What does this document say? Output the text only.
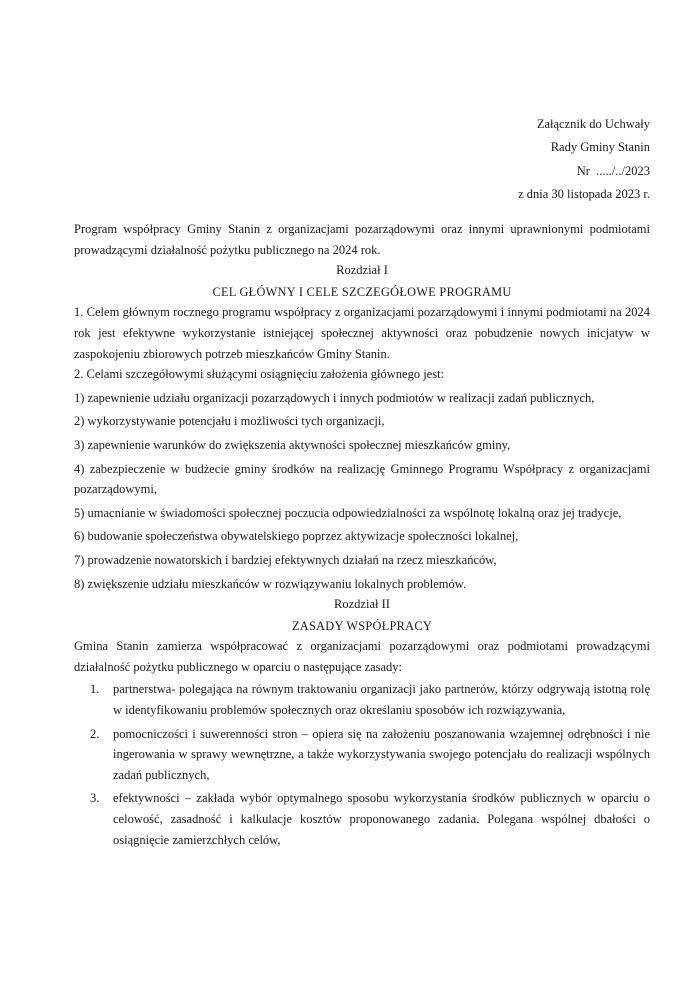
Załącznik do Uchwały
Rady Gminy Stanin
Nr  ...../../2023
z dnia 30 listopada 2023 r.

Program współpracy Gminy Stanin z organizacjami pozarządowymi oraz innymi uprawnionymi podmiotami prowadzącymi działalność pożytku publicznego na 2024 rok.

Rozdział I

CEL GŁÓWNY I CELE SZCZEGÓŁOWE PROGRAMU

1. Celem głównym rocznego programu współpracy z organizacjami pozarządowymi i innymi podmiotami na 2024 rok jest efektywne wykorzystanie istniejącej społecznej aktywności oraz pobudzenie nowych inicjatyw w zaspokojeniu zbiorowych potrzeb mieszkańców Gminy Stanin.

2. Celami szczegółowymi służącymi osiągnięciu założenia głównego jest:

1) zapewnienie udziału organizacji pozarządowych i innych podmiotów w realizacji zadań publicznych,

2) wykorzystywanie potencjału i możliwości tych organizacji,

3) zapewnienie warunków do zwiększenia aktywności społecznej mieszkańców gminy,

4) zabezpieczenie w budżecie gminy środków na realizację Gminnego Programu Współpracy z organizacjami pozarządowymi,

5) umacnianie w świadomości społecznej poczucia odpowiedzialności za wspólnotę lokalną oraz jej tradycje,

6) budowanie społeczeństwa obywatelskiego poprzez aktywizacje społeczności lokalnej,

7) prowadzenie nowatorskich i bardziej efektywnych działań na rzecz mieszkańców,

8) zwiększenie udziału mieszkańców w rozwiązywaniu lokalnych problemów.

Rozdział II

ZASADY WSPÓŁPRACY

Gmina Stanin zamierza współpracować z organizacjami pozarządowymi oraz podmiotami prowadzącymi działalność pożytku publicznego w oparciu o następujące zasady:

1. partnerstwa- polegająca na równym traktowaniu organizacji jako partnerów, którzy odgrywają istotną rolę w identyfikowaniu problemów społecznych oraz określaniu sposobów ich rozwiązywania,
2. pomocniczości i suwerenności stron – opiera się na założeniu poszanowania wzajemnej odrębności i nie ingerowania w sprawy wewnętrzne, a także wykorzystywania swojego potencjału do realizacji wspólnych zadań publicznych,
3. efektywności – zakłada wybór optymalnego sposobu wykorzystania środków publicznych w oparciu o celowość, zasadność i kalkulacje kosztów proponowanego zadania. Polegana wspólnej dbałości o osiągnięcie zamierzchłych celów,
